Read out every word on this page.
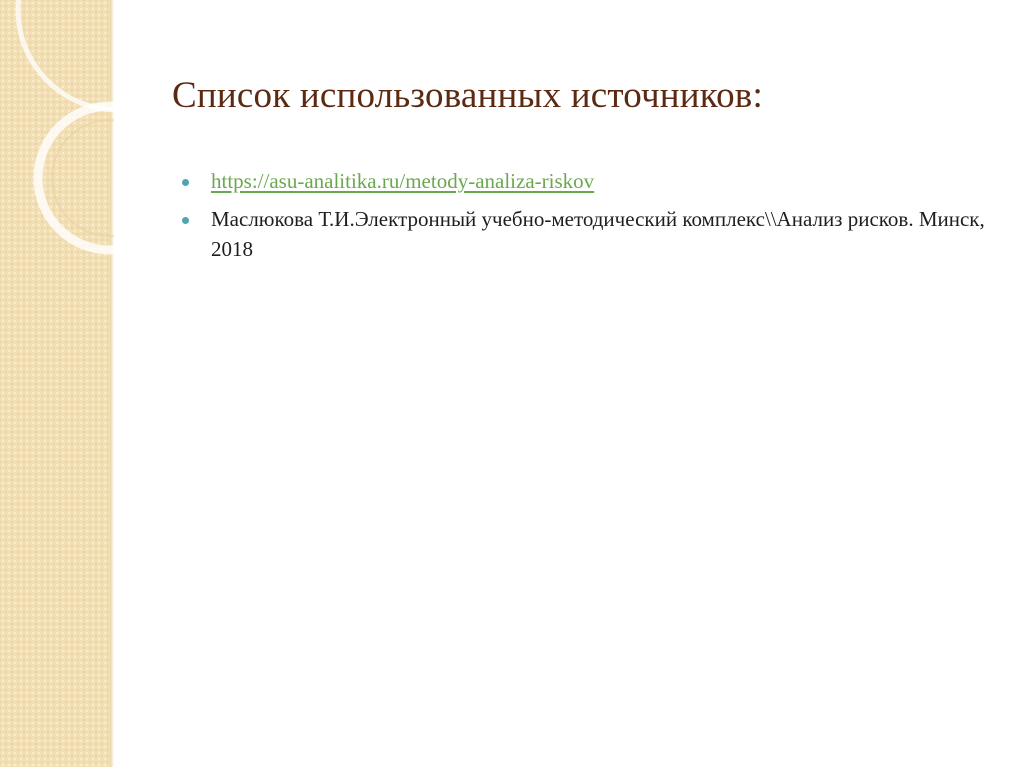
Список использованных источников:
https://asu-analitika.ru/metody-analiza-riskov
Маслюкова Т.И.Электронный учебно-методический комплекс\\Анализ рисков. Минск, 2018
